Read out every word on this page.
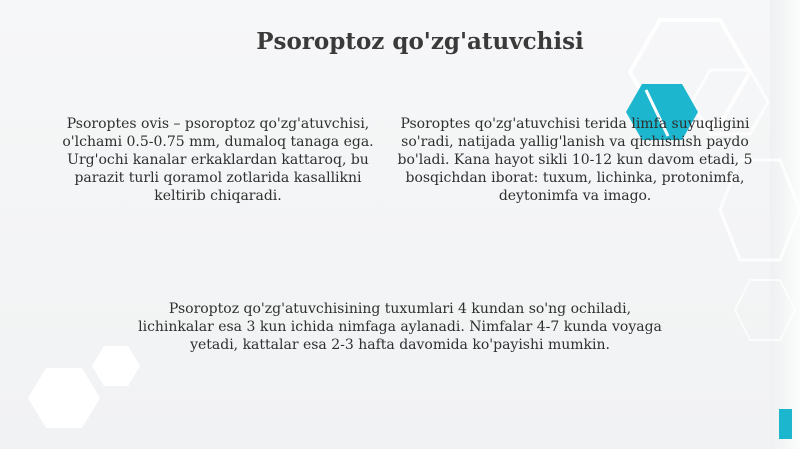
Psoroptoz qo'zg'atuvchisi

Psoroptes ovis – psoroptoz qo'zg'atuvchisi, o'lchami 0.5-0.75 mm, dumaloq tanaga ega. Urg'ochi kanalar erkaklardan kattaroq, bu parazit turli qoramol zotlarida kasallikni keltirib chiqaradi.

Psoroptes qo'zg'atuvchisi terida limfa suyuqligini so'radi, natijada yallig'lanish va qichishish paydo bo'ladi. Kana hayot sikli 10-12 kun davom etadi, 5 bosqichdan iborat: tuxum, lichinka, protonimfa, deytonimfa va imago.

Psoroptoz qo'zg'atuvchisining tuxumlari 4 kundan so'ng ochiladi, lichinkalar esa 3 kun ichida nimfaga aylanadi. Nimfalar 4-7 kunda voyaga yetadi, kattalar esa 2-3 hafta davomida ko'payishi mumkin.
